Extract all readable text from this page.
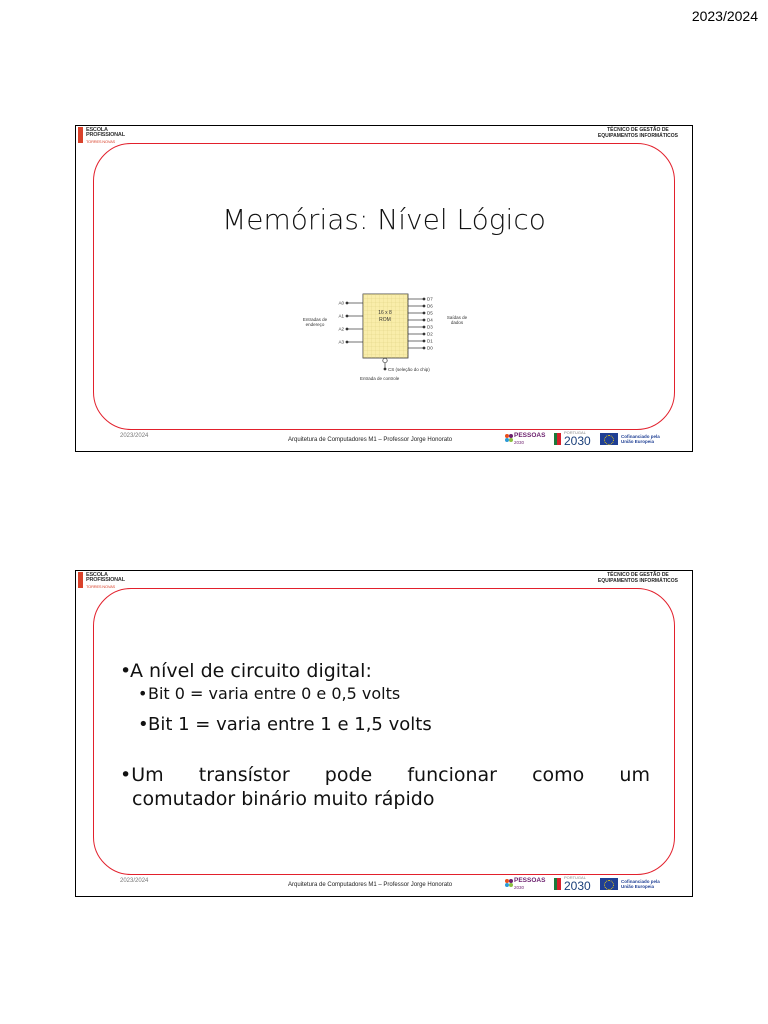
2023/2024
ESCOLA
PROFISSIONAL
TORRES NOVAS
TÉCNICO DE GESTÃO DE
EQUIPAMENTOS INFORMÁTICOS
Memórias: Nível Lógico
16 x 8
ROM
A0
A1
A2
A3
Entradas de
endereço
D7
D6
D5
D4
D3
D2
D1
D0
Saídas de
dados
CS (seleção do chip)
Entrada de controle
2023/2024
Arquitetura de Computadores M1 – Professor Jorge Honorato
PESSOAS
2030
PORTUGAL
2030	Cofinanciado pela
União Europeia
ESCOLA
PROFISSIONAL
TORRES NOVAS
TÉCNICO DE GESTÃO DE
EQUIPAMENTOS INFORMÁTICOS
•A nível de circuito digital:
•Bit 0 = varia entre 0 e 0,5 volts
•Bit 1 = varia entre 1 e 1,5 volts
•Um transístor pode funcionar como um
comutador binário muito rápido
2023/2024
Arquitetura de Computadores M1 – Professor Jorge Honorato
PESSOAS
2030
PORTUGAL
2030	Cofinanciado pela
União Europeia
